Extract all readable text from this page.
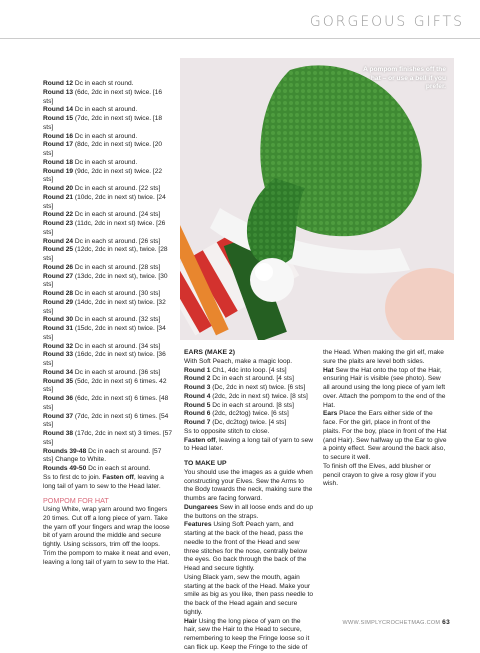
GORGEOUS GIFTS

Round 12 Dc in each st round.

Round 13 (6dc, 2dc in next st) twice. [16 sts]

Round 14 Dc in each st around.

Round 15 (7dc, 2dc in next st) twice. [18 sts]

Round 16 Dc in each st around.

Round 17 (8dc, 2dc in next st) twice. [20 sts]

Round 18 Dc in each st around.

Round 19 (9dc, 2dc in next st) twice. [22 sts]

Round 20 Dc in each st around. [22 sts]

Round 21 (10dc, 2dc in next st) twice. [24 sts]

Round 22 Dc in each st around. [24 sts]

Round 23 (11dc, 2dc in next st) twice. [26 sts]

Round 24 Dc in each st around. [26 sts]

Round 25 (12dc, 2dc in next st), twice. [28 sts]

Round 26 Dc in each st around. [28 sts]

Round 27 (13dc, 2dc in next st), twice. [30 sts]

Round 28 Dc in each st around. [30 sts]

Round 29 (14dc, 2dc in next st) twice. [32 sts]

Round 30 Dc in each st around. [32 sts]

Round 31 (15dc, 2dc in next st) twice. [34 sts]

Round 32 Dc in each st around. [34 sts]

Round 33 (16dc, 2dc in next st) twice. [36 sts]

Round 34 Dc in each st around. [36 sts]

Round 35 (5dc, 2dc in next st) 6 times. 42 sts]

Round 36 (6dc, 2dc in next st) 6 times. [48 sts]

Round 37 (7dc, 2dc in next st) 6 times. [54 sts]

Round 38 (17dc, 2dc in next st) 3 times. [57 sts]

Rounds 39-48 Dc in each st around. [57 sts] Change to White.

Rounds 49-50 Dc in each st around.

Ss to first dc to join. Fasten off, leaving a long tail of yarn to sew to the Head later.

POMPOM FOR HAT

Using White, wrap yarn around two fingers 20 times. Cut off a long piece of yarn. Take the yarn off your fingers and wrap the loose bit of yarn around the middle and secure tightly. Using scissors, trim off the loops. Trim the pompom to make it neat and even, leaving a long tail of yarn to sew to the Hat.

A pompom finishes off the hat – or use a bell if you prefer.

EARS (MAKE 2)

With Soft Peach, make a magic loop.

Round 1 Ch1, 4dc into loop. [4 sts]

Round 2 Dc in each st around. [4 sts]

Round 3 (Dc, 2dc in next st) twice. [6 sts]

Round 4 (2dc, 2dc in next st) twice. [8 sts]

Round 5 Dc in each st around. [8 sts]

Round 6 (2dc, dc2tog) twice. [6 sts]

Round 7 (Dc, dc2tog) twice. [4 sts]

Ss to opposite stitch to close.

Fasten off, leaving a long tail of yarn to sew to Head later.

TO MAKE UP

You should use the images as a guide when constructing your Elves. Sew the Arms to the Body towards the neck, making sure the thumbs are facing forward.

Dungarees Sew in all loose ends and do up the buttons on the straps.

Features Using Soft Peach yarn, and starting at the back of the head, pass the needle to the front of the Head and sew three stitches for the nose, centrally below the eyes. Go back through the back of the Head and secure tightly.

Using Black yarn, sew the mouth, again starting at the back of the Head. Make your smile as big as you like, then pass needle to the back of the Head again and secure tightly.

Hair Using the long piece of yarn on the hair, sew the Hair to the Head to secure, remembering to keep the Fringe loose so it can flick up. Keep the Fringe to the side of

the Head. When making the girl elf, make sure the plaits are level both sides.

Hat Sew the Hat onto the top of the Hair, ensuring Hair is visible (see photo). Sew all around using the long piece of yarn left over. Attach the pompom to the end of the Hat.

Ears Place the Ears either side of the face. For the girl, place in front of the plaits. For the boy, place in front of the Hat (and Hair). Sew halfway up the Ear to give a pointy effect. Sew around the back also, to secure it well.

To finish off the Elves, add blusher or pencil crayon to give a rosy glow if you wish.

WWW.SIMPLYCROCHETMAG.COM 63
